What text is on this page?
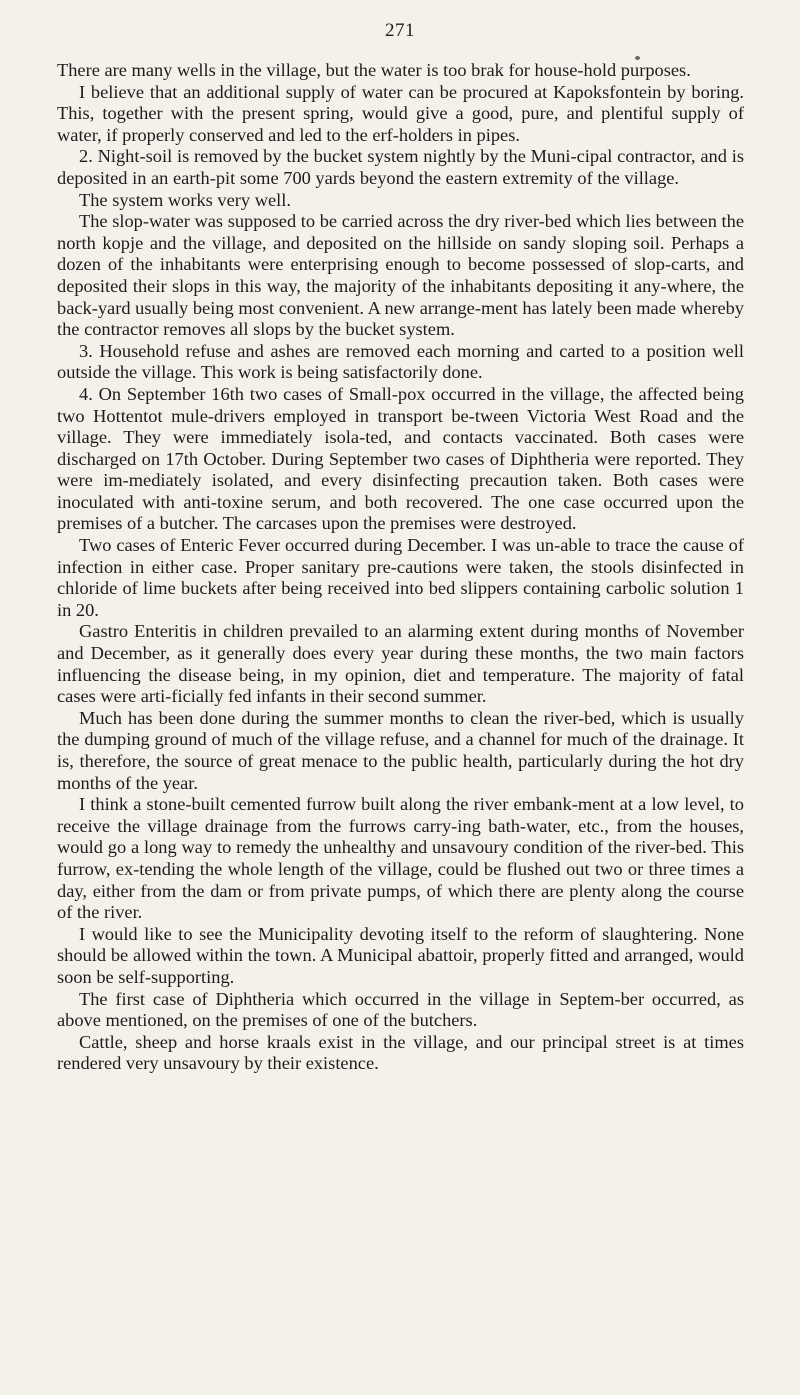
271

There are many wells in the village, but the water is too brak for house-hold purposes.

I believe that an additional supply of water can be procured at Kapoksfontein by boring. This, together with the present spring, would give a good, pure, and plentiful supply of water, if properly conserved and led to the erf-holders in pipes.

2. Night-soil is removed by the bucket system nightly by the Muni-cipal contractor, and is deposited in an earth-pit some 700 yards beyond the eastern extremity of the village.

The system works very well.

The slop-water was supposed to be carried across the dry river-bed which lies between the north kopje and the village, and deposited on the hillside on sandy sloping soil. Perhaps a dozen of the inhabitants were enterprising enough to become possessed of slop-carts, and deposited their slops in this way, the majority of the inhabitants depositing it any-where, the back-yard usually being most convenient. A new arrange-ment has lately been made whereby the contractor removes all slops by the bucket system.

3. Household refuse and ashes are removed each morning and carted to a position well outside the village. This work is being satisfactorily done.

4. On September 16th two cases of Small-pox occurred in the village, the affected being two Hottentot mule-drivers employed in transport be-tween Victoria West Road and the village. They were immediately isola-ted, and contacts vaccinated. Both cases were discharged on 17th October. During September two cases of Diphtheria were reported. They were im-mediately isolated, and every disinfecting precaution taken. Both cases were inoculated with anti-toxine serum, and both recovered. The one case occurred upon the premises of a butcher. The carcases upon the premises were destroyed.

Two cases of Enteric Fever occurred during December. I was un-able to trace the cause of infection in either case. Proper sanitary pre-cautions were taken, the stools disinfected in chloride of lime buckets after being received into bed slippers containing carbolic solution 1 in 20.

Gastro Enteritis in children prevailed to an alarming extent during months of November and December, as it generally does every year during these months, the two main factors influencing the disease being, in my opinion, diet and temperature. The majority of fatal cases were arti-ficially fed infants in their second summer.

Much has been done during the summer months to clean the river-bed, which is usually the dumping ground of much of the village refuse, and a channel for much of the drainage. It is, therefore, the source of great menace to the public health, particularly during the hot dry months of the year.

I think a stone-built cemented furrow built along the river embank-ment at a low level, to receive the village drainage from the furrows carry-ing bath-water, etc., from the houses, would go a long way to remedy the unhealthy and unsavoury condition of the river-bed. This furrow, ex-tending the whole length of the village, could be flushed out two or three times a day, either from the dam or from private pumps, of which there are plenty along the course of the river.

I would like to see the Municipality devoting itself to the reform of slaughtering. None should be allowed within the town. A Municipal abattoir, properly fitted and arranged, would soon be self-supporting.

The first case of Diphtheria which occurred in the village in Septem-ber occurred, as above mentioned, on the premises of one of the butchers.

Cattle, sheep and horse kraals exist in the village, and our principal street is at times rendered very unsavoury by their existence.
